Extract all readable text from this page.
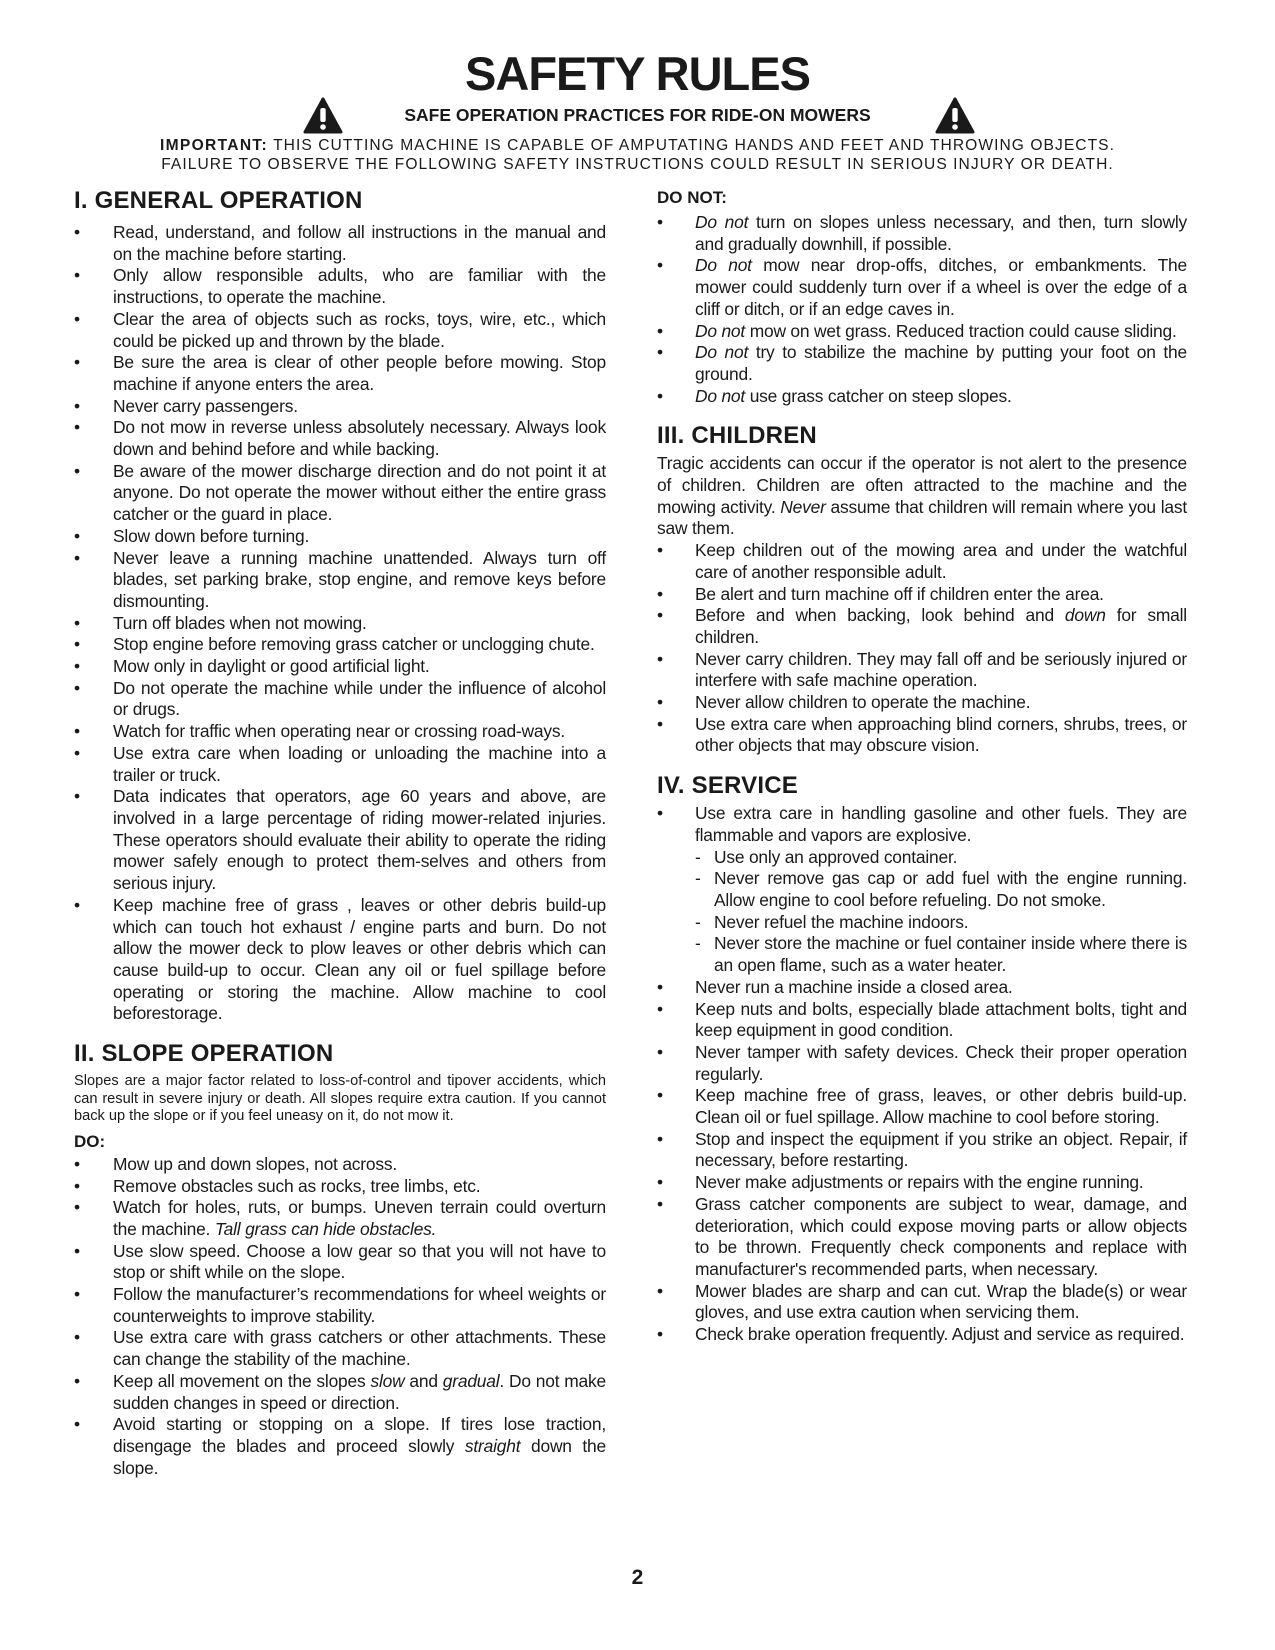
SAFETY RULES
SAFE OPERATION PRACTICES FOR RIDE-ON MOWERS

IMPORTANT: THIS CUTTING MACHINE IS CAPABLE OF AMPUTATING HANDS AND FEET AND THROWING OBJECTS.
FAILURE TO OBSERVE THE FOLLOWING SAFETY INSTRUCTIONS COULD RESULT IN SERIOUS INJURY OR DEATH.

I. GENERAL OPERATION
• Read, understand, and follow all instructions in the manual and on the machine before starting.
• Only allow responsible adults, who are familiar with the instructions, to operate the machine.
• Clear the area of objects such as rocks, toys, wire, etc., which could be picked up and thrown by the blade.
• Be sure the area is clear of other people before mowing. Stop machine if anyone enters the area.
• Never carry passengers.
• Do not mow in reverse unless absolutely necessary. Always look down and behind before and while backing.
• Be aware of the mower discharge direction and do not point it at anyone. Do not operate the mower without either the entire grass catcher or the guard in place.
• Slow down before turning.
• Never leave a running machine unattended. Always turn off blades, set parking brake, stop engine, and remove keys before dismounting.
• Turn off blades when not mowing.
• Stop engine before removing grass catcher or unclogging chute.
• Mow only in daylight or good artificial light.
• Do not operate the machine while under the influence of alcohol or drugs.
• Watch for traffic when operating near or crossing road-ways.
• Use extra care when loading or unloading the machine into a trailer or truck.
• Data indicates that operators, age 60 years and above, are involved in a large percentage of riding mower-related injuries. These operators should evaluate their ability to operate the riding mower safely enough to protect them-selves and others from serious injury.
• Keep machine free of grass , leaves or other debris build-up which can touch hot exhaust / engine parts and burn. Do not allow the mower deck to plow leaves or other debris which can cause build-up to occur. Clean any oil or fuel spillage before operating or storing the machine. Allow machine to cool beforestorage.
II. SLOPE OPERATION

Slopes are a major factor related to loss-of-control and tipover accidents, which can result in severe injury or death. All slopes require extra caution. If you cannot back up the slope or if you feel uneasy on it, do not mow it.

DO:
• Mow up and down slopes, not across.
• Remove obstacles such as rocks, tree limbs, etc.
• Watch for holes, ruts, or bumps. Uneven terrain could overturn the machine. Tall grass can hide obstacles.
• Use slow speed. Choose a low gear so that you will not have to stop or shift while on the slope.
• Follow the manufacturer’s recommendations for wheel weights or counterweights to improve stability.
• Use extra care with grass catchers or other attachments. These can change the stability of the machine.
• Keep all movement on the slopes slow and gradual. Do not make sudden changes in speed or direction.
• Avoid starting or stopping on a slope. If tires lose traction, disengage the blades and proceed slowly straight down the slope.
DO NOT:
• Do not turn on slopes unless necessary, and then, turn slowly and gradually downhill, if possible.
• Do not mow near drop-offs, ditches, or embankments. The mower could suddenly turn over if a wheel is over the edge of a cliff or ditch, or if an edge caves in.
• Do not mow on wet grass. Reduced traction could cause sliding.
• Do not try to stabilize the machine by putting your foot on the ground.
• Do not use grass catcher on steep slopes.
III. CHILDREN

Tragic accidents can occur if the operator is not alert to the presence of children. Children are often attracted to the machine and the mowing activity. Never assume that children will remain where you last saw them.

• Keep children out of the mowing area and under the watchful care of another responsible adult.
• Be alert and turn machine off if children enter the area.
• Before and when backing, look behind and down for small children.
• Never carry children. They may fall off and be seriously injured or interfere with safe machine operation.
• Never allow children to operate the machine.
• Use extra care when approaching blind corners, shrubs, trees, or other objects that may obscure vision.
IV. SERVICE
• Use extra care in handling gasoline and other fuels. They are flammable and vapors are explosive.
- Use only an approved container.
- Never remove gas cap or add fuel with the engine running. Allow engine to cool before refueling. Do not smoke.
- Never refuel the machine indoors.
- Never store the machine or fuel container inside where there is an open flame, such as a water heater.
• Never run a machine inside a closed area.
• Keep nuts and bolts, especially blade attachment bolts, tight and keep equipment in good condition.
• Never tamper with safety devices. Check their proper operation regularly.
• Keep machine free of grass, leaves, or other debris build-up. Clean oil or fuel spillage. Allow machine to cool before storing.
• Stop and inspect the equipment if you strike an object. Repair, if necessary, before restarting.
• Never make adjustments or repairs with the engine running.
• Grass catcher components are subject to wear, damage, and deterioration, which could expose moving parts or allow objects to be thrown. Frequently check components and replace with manufacturer's recommended parts, when necessary.
• Mower blades are sharp and can cut. Wrap the blade(s) or wear gloves, and use extra caution when servicing them.
• Check brake operation frequently. Adjust and service as required.
2
